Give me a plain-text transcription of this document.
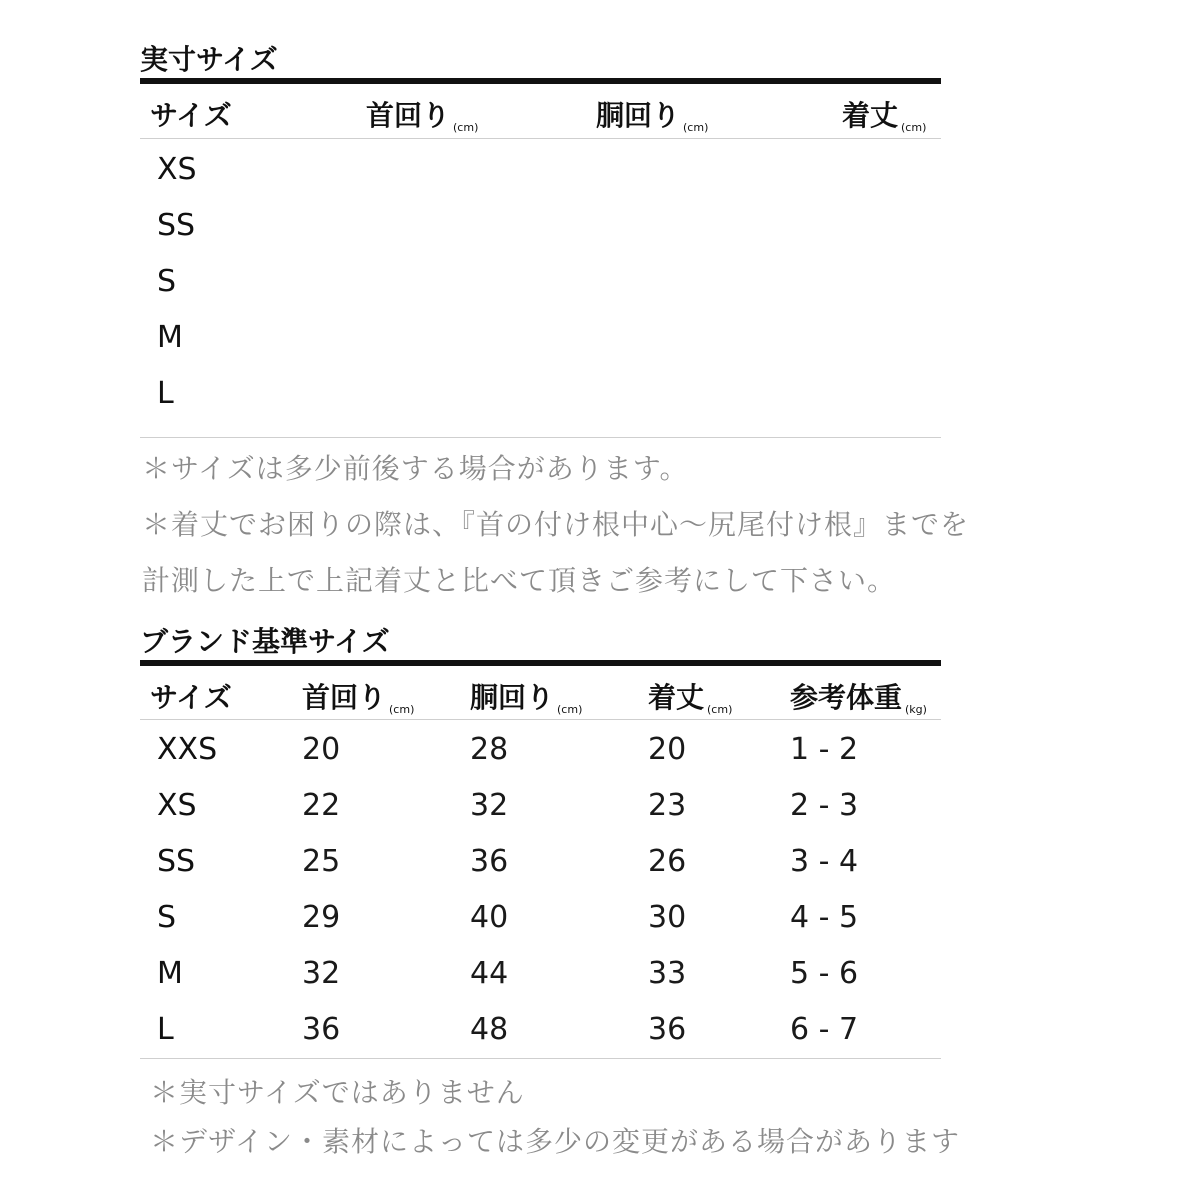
実寸サイズ
サイズ	首回り $_{(cm)}$	胴回り $_{(cm)}$	着丈 $_{(cm)}$
XS
SS
S
M
L
＊サイズは多少前後する場合があります。
＊着丈でお困りの際は、『首の付け根中心〜尻尾付け根』までを
計測した上で上記着丈と比べて頂きご参考にして下さい。
ブランド基準サイズ
サイズ	首回り $_{(cm)}$ 胴回り $_{(cm)}$ 着丈 $_{(cm)}$ 参考体重 $_{(kg)}$
XXS	20	28	20	1 - 2
XS	22	32	23	2 - 3
SS	25	36	26	3 - 4
S	29	40	30	4 - 5
M	32	44	33	5 - 6
L	36	48	36	6 - 7
＊実寸サイズではありません
＊デザイン・素材によっては多少の変更がある場合があります
